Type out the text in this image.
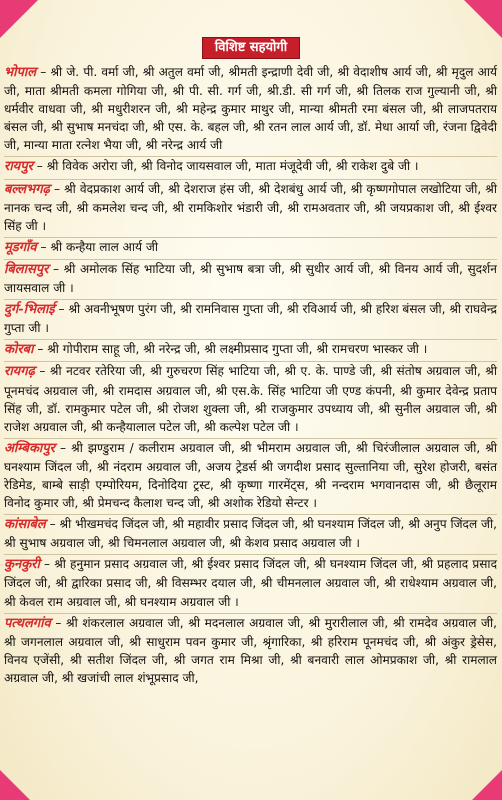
विशिष्ट सहयोगी

भोपाल – श्री जे. पी. वर्मा जी, श्री अतुल वर्मा जी, श्रीमती इन्द्राणी देवी जी, श्री वेदाशीष आर्य जी, श्री मृदुल आर्य जी, माता श्रीमती कमला गोगिया जी, श्री पी. सी. गर्ग जी, श्री.डी. सी गर्ग जी, श्री तिलक राज गुल्यानी जी, श्री धर्मवीर वाधवा जी, श्री मधुरीशरन जी, श्री महेन्द्र कुमार माथुर जी, मान्या श्रीमती रमा बंसल जी, श्री लाजपतराय बंसल जी, श्री सुभाष मनचंदा जी, श्री एस. के. बहल जी, श्री रतन लाल आर्य जी, डॉ. मेधा आर्या जी, रंजना द्विवेदी जी, मान्या माता रत्नेश भैया जी, श्री नरेन्द्र आर्य जी

रायपुर – श्री विवेक अरोरा जी, श्री विनोद जायसवाल जी, माता मंजूदेवी जी, श्री राकेश दुबे जी ।

बल्लभगढ़ – श्री वेदप्रकाश आर्य जी, श्री देशराज हंस जी, श्री देशबंधु आर्य जी, श्री कृष्णगोपाल लखोटिया जी, श्री नानक चन्द जी, श्री कमलेश चन्द जी, श्री रामकिशोर भंडारी जी, श्री रामअवतार जी, श्री जयप्रकाश जी, श्री ईश्वर सिंह जी ।

मूडगाँव – श्री कन्हैया लाल आर्य जी

बिलासपुर – श्री अमोलक सिंह भाटिया जी, श्री सुभाष बत्रा जी, श्री सुधीर आर्य जी, श्री विनय आर्य जी, सुदर्शन जायसवाल जी ।

दुर्ग-भिलाई – श्री अवनीभूषण पुरंग जी, श्री रामनिवास गुप्ता जी, श्री रविआर्य जी, श्री हरिश बंसल जी, श्री राघवेन्द्र गुप्ता जी ।

कोरबा – श्री गोपीराम साहू जी, श्री नरेन्द्र जी, श्री लक्ष्मीप्रसाद गुप्ता जी, श्री रामचरण भास्कर जी ।

रायगढ़ – श्री नटवर रतेरिया जी, श्री गुरुचरण सिंह भाटिया जी, श्री ए. के. पाण्डे जी, श्री संतोष अग्रवाल जी, श्री पूनमचंद अग्रवाल जी, श्री रामदास अग्रवाल जी, श्री एस.के. सिंह भाटिया जी एण्ड कंपनी, श्री कुमार देवेन्द्र प्रताप सिंह जी, डॉ. रामकुमार पटेल जी, श्री रोजश शुक्ला जी, श्री राजकुमार उपध्याय जी, श्री सुनील अग्रवाल जी, श्री राजेश अग्रवाल जी, श्री कन्हैयालाल पटेल जी, श्री कल्पेश पटेल जी ।

अम्बिकापुर – श्री झण्डुराम / कलीराम अग्रवाल जी, श्री भीमराम अग्रवाल जी, श्री चिरंजीलाल अग्रवाल जी, श्री घनश्याम जिंदल जी, श्री नंदराम अग्रवाल जी, अजय ट्रेडर्स श्री जगदीश प्रसाद सुल्तानिया जी, सुरेश होजरी, बसंत रेडिमेड, बाम्बे साड़ी एम्पोरियम, दिनोदिया ट्रस्ट, श्री कृष्णा गारमेंट्स, श्री नन्दराम भगवानदास जी, श्री छैलूराम विनोद कुमार जी, श्री प्रेमचन्द कैलाश चन्द जी, श्री अशोक रेडियो सेन्टर ।

कांसाबेल – श्री भीखमचंद जिंदल जी, श्री महावीर प्रसाद जिंदल जी, श्री घनश्याम जिंदल जी, श्री अनुप जिंदल जी, श्री सुभाष अग्रवाल जी, श्री चिमनलाल अग्रवाल जी, श्री केशव प्रसाद अग्रवाल जी ।

कुनकुरी – श्री हनुमान प्रसाद अग्रवाल जी, श्री ईश्वर प्रसाद जिंदल जी, श्री घनश्याम जिंदल जी, श्री प्रहलाद प्रसाद जिंदल जी, श्री द्वारिका प्रसाद जी, श्री विसम्भर दयाल जी, श्री चीमनलाल अग्रवाल जी, श्री राधेश्याम अग्रवाल जी, श्री केवल राम अग्रवाल जी, श्री घनश्याम अग्रवाल जी ।

पत्थलगांव – श्री शंकरलाल अग्रवाल जी, श्री मदनलाल अग्रवाल जी, श्री मुरारीलाल जी, श्री रामदेव अग्रवाल जी, श्री जगनलाल अग्रवाल जी, श्री साधुराम पवन कुमार जी, श्रृंगारिका, श्री हरिराम पूनमचंद जी, श्री अंकुर ड्रेसेस, विनय एजेंसी, श्री सतीश जिंदल जी, श्री जगत राम मिश्रा जी, श्री बनवारी लाल ओमप्रकाश जी, श्री रामलाल अग्रवाल जी, श्री खजांची लाल शंभूप्रसाद जी,
